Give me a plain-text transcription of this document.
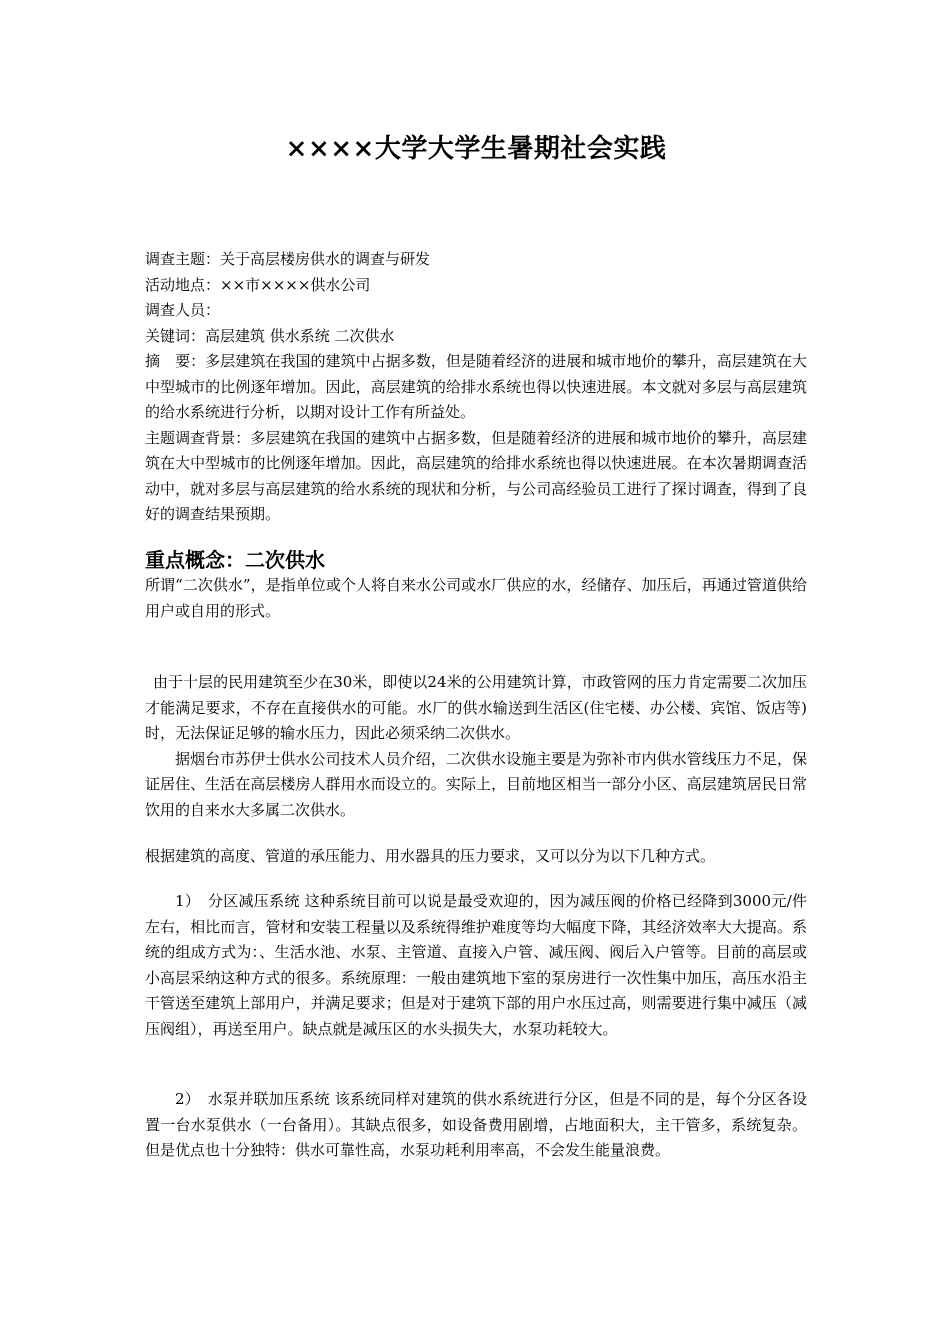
××××大学大学生暑期社会实践

调查主题：关于高层楼房供水的调查与研发

活动地点：××市××××供水公司

调查人员：

关键词：高层建筑 供水系统 二次供水

摘　要：多层建筑在我国的建筑中占据多数，但是随着经济的进展和城市地价的攀升，高层建筑在大中型城市的比例逐年增加。因此，高层建筑的给排水系统也得以快速进展。本文就对多层与高层建筑的给水系统进行分析，以期对设计工作有所益处。

主题调查背景：多层建筑在我国的建筑中占据多数，但是随着经济的进展和城市地价的攀升，高层建筑在大中型城市的比例逐年增加。因此，高层建筑的给排水系统也得以快速进展。在本次暑期调查活动中，就对多层与高层建筑的给水系统的现状和分析，与公司高经验员工进行了探讨调查，得到了良好的调查结果预期。

重点概念：二次供水

所谓“二次供水”，是指单位或个人将自来水公司或水厂供应的水，经储存、加压后，再通过管道供给用户或自用的形式。

由于十层的民用建筑至少在30米，即使以24米的公用建筑计算，市政管网的压力肯定需要二次加压才能满足要求，不存在直接供水的可能。水厂的供水输送到生活区(住宅楼、办公楼、宾馆、饭店等)时，无法保证足够的输水压力，因此必须采纳二次供水。

据烟台市苏伊士供水公司技术人员介绍，二次供水设施主要是为弥补市内供水管线压力不足，保证居住、生活在高层楼房人群用水而设立的。实际上，目前地区相当一部分小区、高层建筑居民日常饮用的自来水大多属二次供水。

根据建筑的高度、管道的承压能力、用水器具的压力要求，又可以分为以下几种方式。

1）　分区减压系统 这种系统目前可以说是最受欢迎的，因为减压阀的价格已经降到3000元/件左右，相比而言，管材和安装工程量以及系统得维护难度等均大幅度下降，其经济效率大大提高。系统的组成方式为：、生活水池、水泵、主管道、直接入户管、减压阀、阀后入户管等。目前的高层或小高层采纳这种方式的很多。系统原理：一般由建筑地下室的泵房进行一次性集中加压，高压水沿主干管送至建筑上部用户，并满足要求；但是对于建筑下部的用户水压过高，则需要进行集中减压（减压阀组），再送至用户。缺点就是减压区的水头损失大，水泵功耗较大。

2）　水泵并联加压系统 该系统同样对建筑的供水系统进行分区，但是不同的是，每个分区各设置一台水泵供水（一台备用）。其缺点很多，如设备费用剧增，占地面积大，主干管多，系统复杂。但是优点也十分独特：供水可靠性高，水泵功耗利用率高，不会发生能量浪费。
